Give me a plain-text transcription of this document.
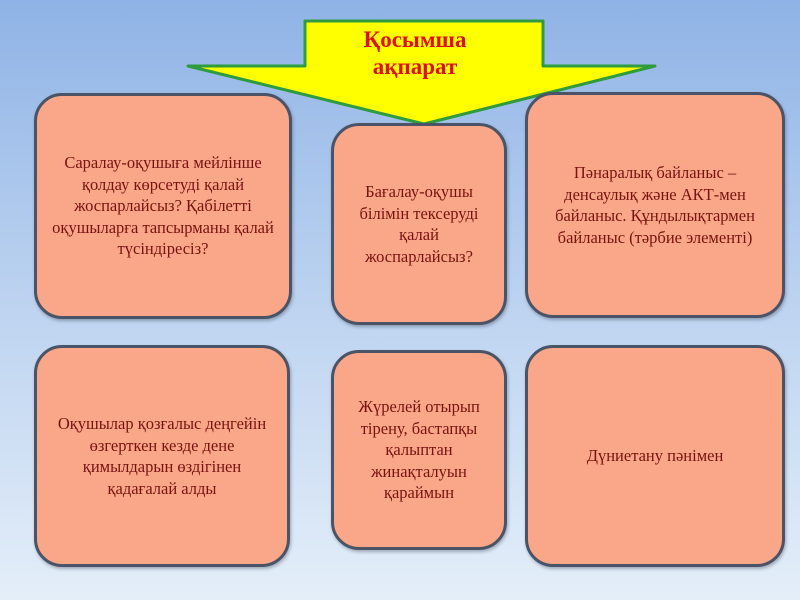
Қосымша
ақпарат
Саралау-оқушыға мейлінше қолдау көрсетуді қалай жоспарлайсыз? Қабілетті оқушыларға тапсырманы қалай түсіндіресіз?
Бағалау-оқушы білімін тексеруді қалай жоспарлайсыз?
Пәнаралық байланыс – денсаулық және АКТ-мен байланыс. Құндылықтармен байланыс (тәрбие элементі)
Оқушылар қозғалыс деңгейін өзгерткен кезде дене қимылдарын өздігінен қадағалай алды
Жүрелей отырып тірену, бастапқы қалыптан жинақталуын қараймын
Дүниетану пәнімен
